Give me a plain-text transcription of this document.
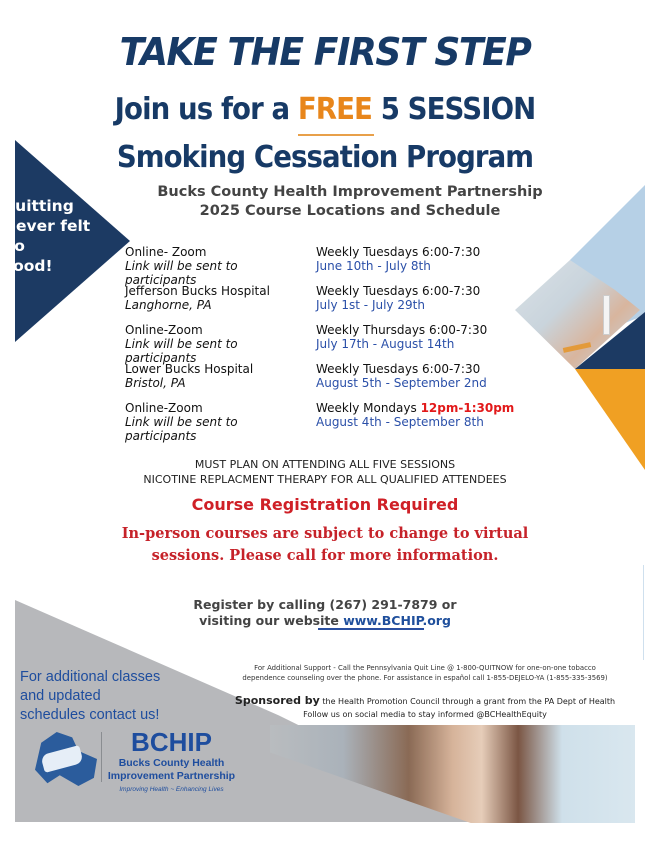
TAKE THE FIRST STEP
Join us for a FREE 5 SESSION
Smoking Cessation Program
Bucks County Health Improvement Partnership
2025 Course Locations and Schedule
Quitting
never felt
so
good!
Online- Zoom
Link will be sent to participants
Weekly Tuesdays 6:00-7:30
June 10th - July 8th
Jefferson Bucks Hospital
Langhorne, PA
Weekly Tuesdays 6:00-7:30
July 1st - July 29th
Online-Zoom
Link will be sent to participants
Weekly Thursdays 6:00-7:30
July 17th - August 14th
Lower Bucks Hospital
Bristol, PA
Weekly Tuesdays 6:00-7:30
August 5th - September 2nd
Online-Zoom
Link will be sent to participants
Weekly Mondays 12pm-1:30pm
August 4th - September 8th
MUST PLAN ON ATTENDING ALL FIVE SESSIONS
NICOTINE REPLACMENT THERAPY FOR ALL QUALIFIED ATTENDEES
Course Registration Required
In-person courses are subject to change to virtual
sessions. Please call for more information.
Register by calling (267) 291-7879 or
visiting our website www.BCHIP.org
For additional classes
and updated
schedules contact us!
BCHIP
Bucks County Health
Improvement Partnership
Improving Health ~ Enhancing Lives
For Additional Support - Call the Pennsylvania Quit Line @ 1-800-QUITNOW for one-on-one tobacco
dependence counseling over the phone. For assistance in español call 1-855-DEJELO-YA (1-855-335-3569)
Sponsored by the Health Promotion Council through a grant from the PA Dept of Health
Follow us on social media to stay informed @BCHealthEquity
